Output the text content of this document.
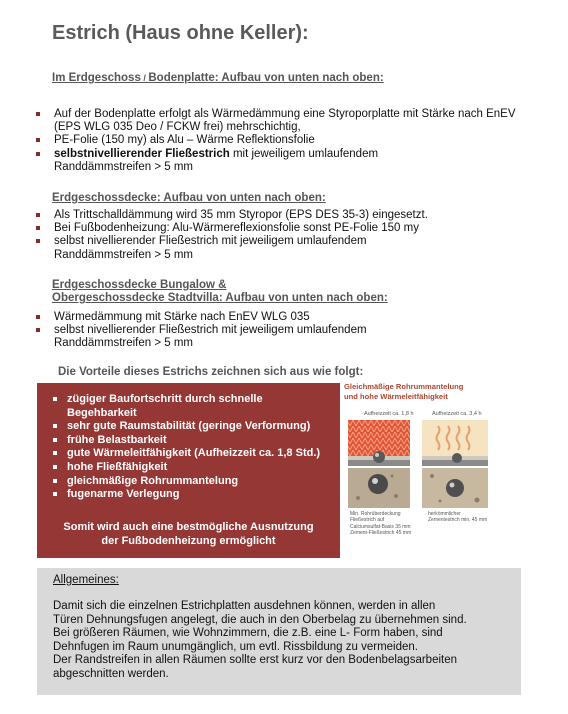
Estrich (Haus ohne Keller):
Im Erdgeschoss / Bodenplatte: Aufbau von unten nach oben:
Auf der Bodenplatte erfolgt als Wärmedämmung eine Styroporplatte mit Stärke nach EnEV
(EPS WLG 035 Deo / FCKW frei) mehrschichtig,
PE-Folie (150 my) als Alu – Wärme Reflektionsfolie
selbstnivellierender Fließestrich mit jeweiligem umlaufendem
Randdämmstreifen > 5 mm
Erdgeschossdecke: Aufbau von unten nach oben:
Als Trittschalldämmung wird 35 mm Styropor (EPS DES 35-3) eingesetzt.
Bei Fußbodenheizung: Alu-Wärmereflexionsfolie sonst PE-Folie 150 my
selbst nivellierender Fließestrich mit jeweiligem umlaufendem
Randdämmstreifen > 5 mm
Erdgeschossdecke Bungalow &
Obergeschossdecke Stadtvilla: Aufbau von unten nach oben:
Wärmedämmung mit Stärke nach EnEV WLG 035
selbst nivellierender Fließestrich mit jeweiligem umlaufendem
Randdämmstreifen > 5 mm
Die Vorteile dieses Estrichs zeichnen sich aus wie folgt:
zügiger Baufortschritt durch schnelle
Begehbarkeit
sehr gute Raumstabilität (geringe Verformung)
frühe Belastbarkeit
gute Wärmeleitfähigkeit (Aufheizzeit ca. 1,8 Std.)
hohe Fließfähigkeit
gleichmäßige Rohrummantelung
fugenarme Verlegung
Somit wird auch eine bestmögliche Ausnutzung
der Fußbodenheizung ermöglicht
Gleichmäßige Rohrummantelung
und hohe Wärmeleitfähigkeit
Aufheizzeit ca. 1,8 h	Aufheizzeit ca. 3,4 h
Min. Rohrüberdeckung
Fließestrich auf
Calciumsulfat-Basis 35 mm
Zement-Fließestrich 45 mm
herkömmlicher
Zementestrich min. 45 mm
Allgemeines:
Damit sich die einzelnen Estrichplatten ausdehnen können, werden in allen
Türen Dehnungsfugen angelegt, die auch in den Oberbelag zu übernehmen sind.
Bei größeren Räumen, wie Wohnzimmern, die z.B. eine L- Form haben, sind
Dehnfugen im Raum unumgänglich, um evtl. Rissbildung zu vermeiden.
Der Randstreifen in allen Räumen sollte erst kurz vor den Bodenbelagsarbeiten
abgeschnitten werden.
